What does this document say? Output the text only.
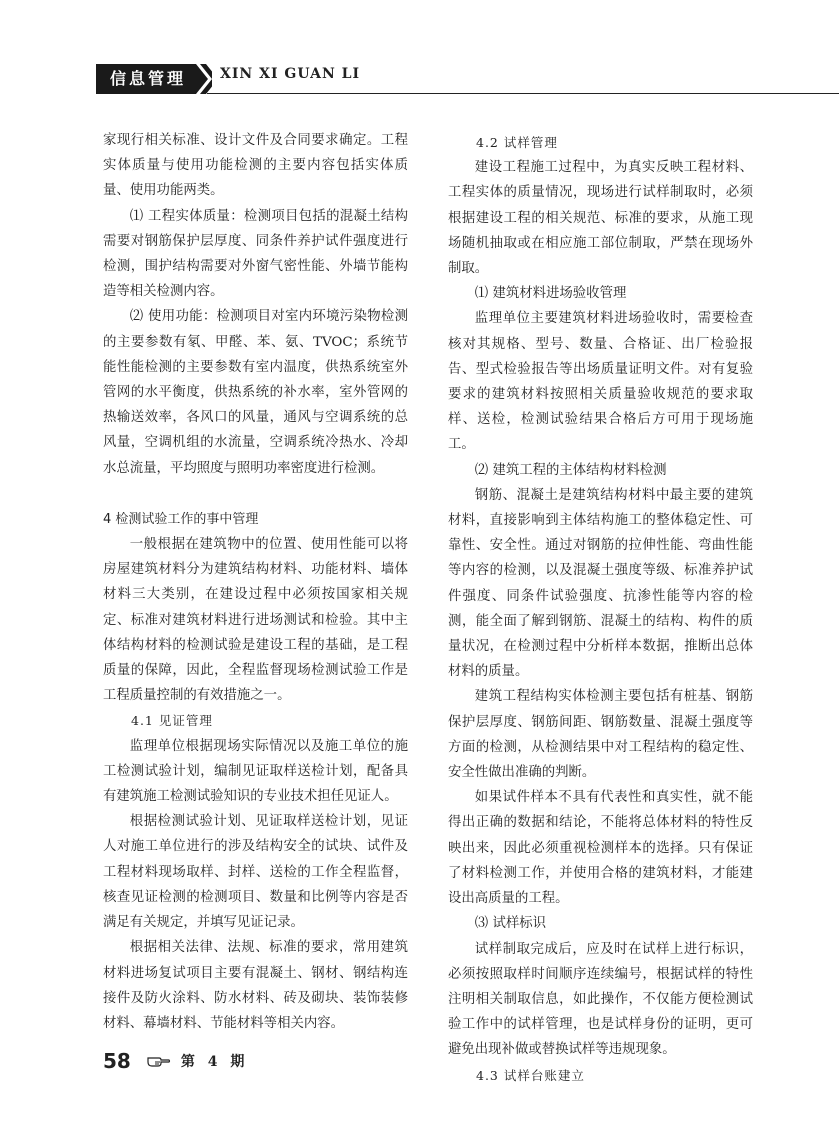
信息管理	XIN XI GUAN LI

家现行相关标准、设计文件及合同要求确定。工程实体质量与使用功能检测的主要内容包括实体质量、使用功能两类。

⑴ 工程实体质量：检测项目包括的混凝土结构需要对钢筋保护层厚度、同条件养护试件强度进行检测，围护结构需要对外窗气密性能、外墙节能构造等相关检测内容。

⑵ 使用功能：检测项目对室内环境污染物检测的主要参数有氡、甲醛、苯、氨、TVOC；系统节能性能检测的主要参数有室内温度，供热系统室外管网的水平衡度，供热系统的补水率，室外管网的热输送效率，各风口的风量，通风与空调系统的总风量，空调机组的水流量，空调系统冷热水、冷却水总流量，平均照度与照明功率密度进行检测。

4 检测试验工作的事中管理

一般根据在建筑物中的位置、使用性能可以将房屋建筑材料分为建筑结构材料、功能材料、墙体材料三大类别，在建设过程中必须按国家相关规定、标准对建筑材料进行进场测试和检验。其中主体结构材料的检测试验是建设工程的基础，是工程质量的保障，因此，全程监督现场检测试验工作是工程质量控制的有效措施之一。

4.1 见证管理

监理单位根据现场实际情况以及施工单位的施工检测试验计划，编制见证取样送检计划，配备具有建筑施工检测试验知识的专业技术担任见证人。

根据检测试验计划、见证取样送检计划，见证人对施工单位进行的涉及结构安全的试块、试件及工程材料现场取样、封样、送检的工作全程监督，核查见证检测的检测项目、数量和比例等内容是否满足有关规定，并填写见证记录。

根据相关法律、法规、标准的要求，常用建筑材料进场复试项目主要有混凝土、钢材、钢结构连接件及防火涂料、防水材料、砖及砌块、装饰装修材料、幕墙材料、节能材料等相关内容。

4.2 试样管理

建设工程施工过程中，为真实反映工程材料、工程实体的质量情况，现场进行试样制取时，必须根据建设工程的相关规范、标准的要求，从施工现场随机抽取或在相应施工部位制取，严禁在现场外制取。

⑴ 建筑材料进场验收管理

监理单位主要建筑材料进场验收时，需要检查核对其规格、型号、数量、合格证、出厂检验报告、型式检验报告等出场质量证明文件。对有复验要求的建筑材料按照相关质量验收规范的要求取样、送检，检测试验结果合格后方可用于现场施工。

⑵ 建筑工程的主体结构材料检测

钢筋、混凝土是建筑结构材料中最主要的建筑材料，直接影响到主体结构施工的整体稳定性、可靠性、安全性。通过对钢筋的拉伸性能、弯曲性能等内容的检测，以及混凝土强度等级、标准养护试件强度、同条件试验强度、抗渗性能等内容的检测，能全面了解到钢筋、混凝土的结构、构件的质量状况，在检测过程中分析样本数据，推断出总体材料的质量。

建筑工程结构实体检测主要包括有桩基、钢筋保护层厚度、钢筋间距、钢筋数量、混凝土强度等方面的检测，从检测结果中对工程结构的稳定性、安全性做出准确的判断。

如果试件样本不具有代表性和真实性，就不能得出正确的数据和结论，不能将总体材料的特性反映出来，因此必须重视检测样本的选择。只有保证了材料检测工作，并使用合格的建筑材料，才能建设出高质量的工程。

⑶ 试样标识

试样制取完成后，应及时在试样上进行标识，必须按照取样时间顺序连续编号，根据试样的特性注明相关制取信息，如此操作，不仅能方便检测试验工作中的试样管理，也是试样身份的证明，更可避免出现补做或替换试样等违规现象。

4.3 试样台账建立

58	第 4 期
